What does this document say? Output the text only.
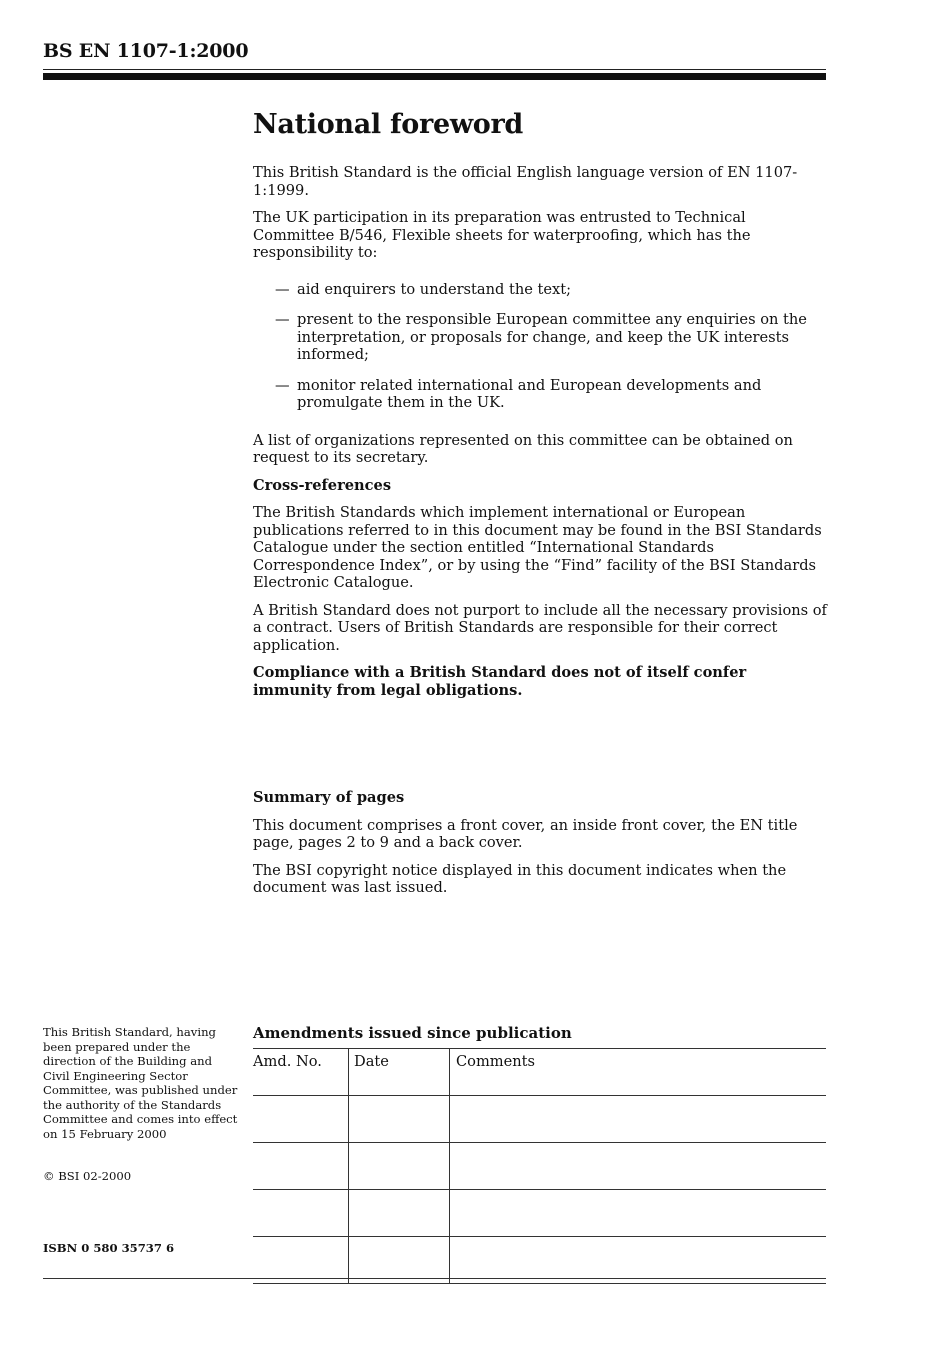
BS EN 1107-1:2000
National foreword

This British Standard is the official English language version of EN 1107-1:1999.

The UK participation in its preparation was entrusted to Technical Committee B/546, Flexible sheets for waterproofing, which has the responsibility to:

— aid enquirers to understand the text;
— present to the responsible European committee any enquiries on the interpretation, or proposals for change, and keep the UK interests informed;
— monitor related international and European developments and promulgate them in the UK.

A list of organizations represented on this committee can be obtained on request to its secretary.

Cross-references

The British Standards which implement international or European publications referred to in this document may be found in the BSI Standards Catalogue under the section entitled “International Standards Correspondence Index”, or by using the “Find” facility of the BSI Standards Electronic Catalogue.

A British Standard does not purport to include all the necessary provisions of a contract. Users of British Standards are responsible for their correct application.

Compliance with a British Standard does not of itself confer immunity from legal obligations.

Summary of pages

This document comprises a front cover, an inside front cover, the EN title page, pages 2 to 9 and a back cover.

The BSI copyright notice displayed in this document indicates when the document was last issued.

This British Standard, having been prepared under the direction of the Building and Civil Engineering Sector Committee, was published under the authority of the Standards Committee and comes into effect on 15 February 2000
© BSI 02-2000
ISBN 0 580 35737 6
Amendments issued since publication
Amd. No.	Date	Comments
